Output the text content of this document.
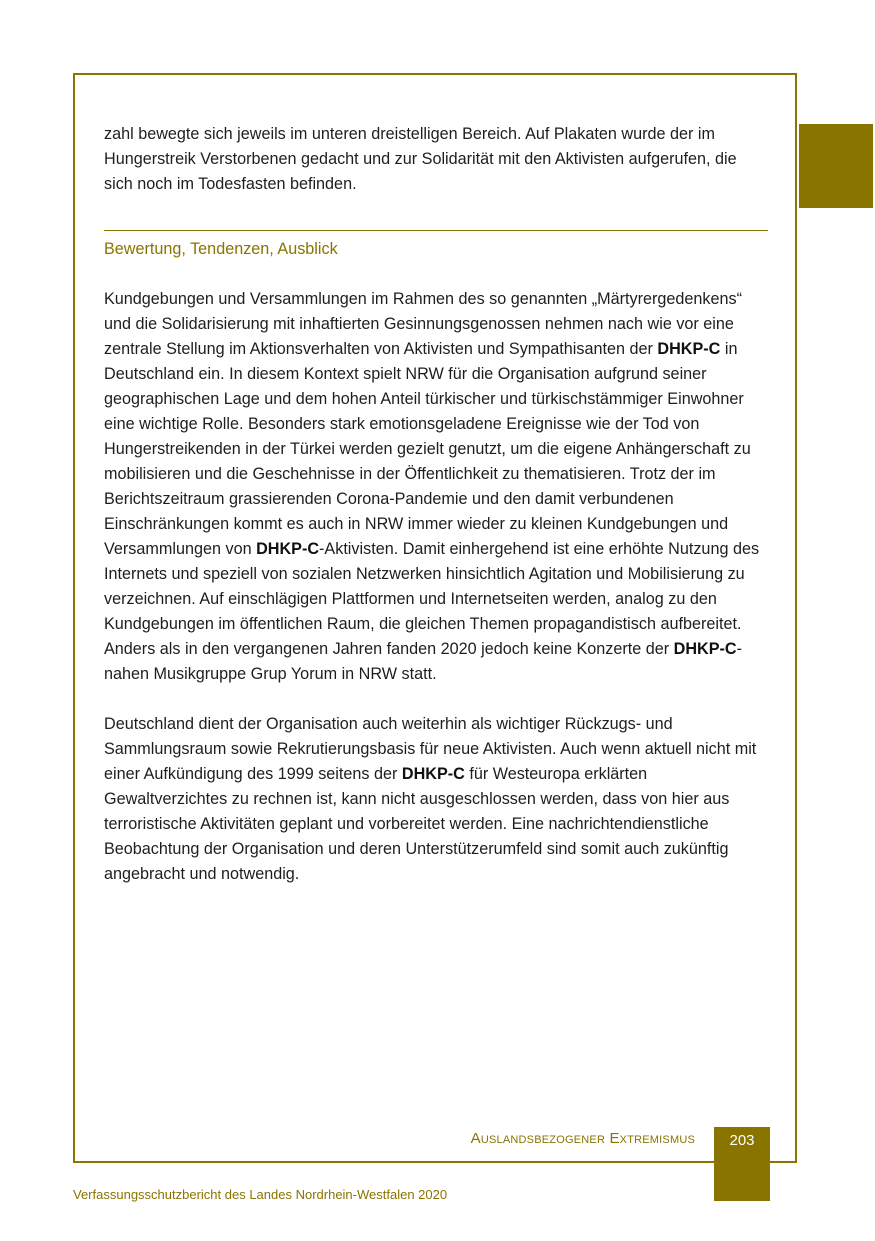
zahl bewegte sich jeweils im unteren dreistelligen Bereich. Auf Plakaten wurde der im Hungerstreik Verstorbenen gedacht und zur Solidarität mit den Aktivisten aufgerufen, die sich noch im Todesfasten befinden.

Bewertung, Tendenzen, Ausblick

Kundgebungen und Versammlungen im Rahmen des so genannten „Märtyrergedenkens“ und die Solidarisierung mit inhaftierten Gesinnungsgenossen nehmen nach wie vor eine zentrale Stellung im Aktionsverhalten von Aktivisten und Sympathisanten der DHKP-C in Deutschland ein. In diesem Kontext spielt NRW für die Organisation aufgrund seiner geographischen Lage und dem hohen Anteil türkischer und türkischstämmiger Einwohner eine wichtige Rolle. Besonders stark emotionsgeladene Ereignisse wie der Tod von Hungerstreikenden in der Türkei werden gezielt genutzt, um die eigene Anhängerschaft zu mobilisieren und die Geschehnisse in der Öffentlichkeit zu thematisieren. Trotz der im Berichtszeitraum grassierenden Corona-Pandemie und den damit verbundenen Einschränkungen kommt es auch in NRW immer wieder zu kleinen Kundgebungen und Versammlungen von DHKP-C-Aktivisten. Damit einhergehend ist eine erhöhte Nutzung des Internets und speziell von sozialen Netzwerken hinsichtlich Agitation und Mobilisierung zu verzeichnen. Auf einschlägigen Plattformen und Internetseiten werden, analog zu den Kundgebungen im öffentlichen Raum, die gleichen Themen propagandistisch aufbereitet. Anders als in den vergangenen Jahren fanden 2020 jedoch keine Konzerte der DHKP-C-nahen Musikgruppe Grup Yorum in NRW statt.

Deutschland dient der Organisation auch weiterhin als wichtiger Rückzugs- und Sammlungsraum sowie Rekrutierungsbasis für neue Aktivisten. Auch wenn aktuell nicht mit einer Aufkündigung des 1999 seitens der DHKP-C für Westeuropa erklärten Gewaltverzichtes zu rechnen ist, kann nicht ausgeschlossen werden, dass von hier aus terroristische Aktivitäten geplant und vorbereitet werden. Eine nachrichtendienstliche Beobachtung der Organisation und deren Unterstützerumfeld sind somit auch zukünftig angebracht und notwendig.

Auslandsbezogener Extremismus	203
Verfassungsschutzbericht des Landes Nordrhein-Westfalen 2020
